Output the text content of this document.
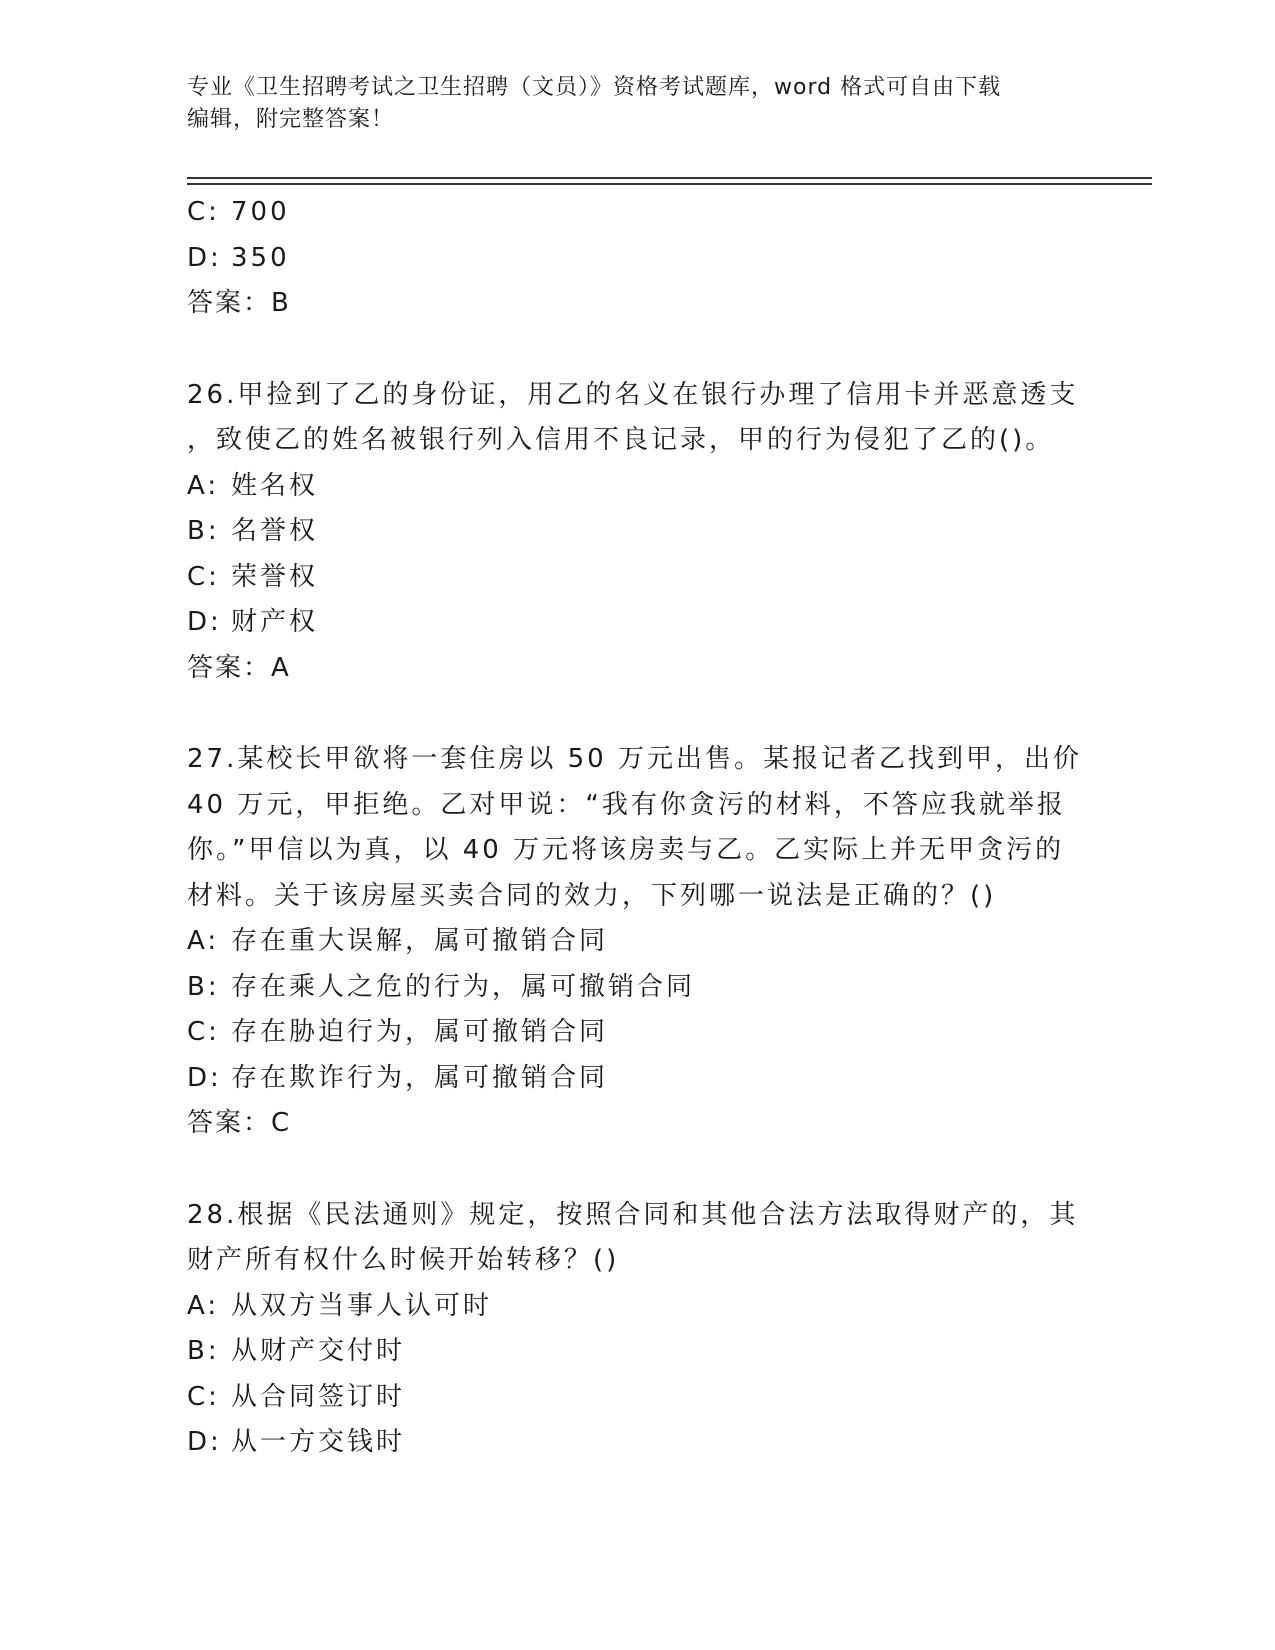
专业《卫生招聘考试之卫生招聘（文员）》资格考试题库，word 格式可自由下载
编辑，附完整答案！
C: 700
D: 350
答案：B
26.甲捡到了乙的身份证，用乙的名义在银行办理了信用卡并恶意透支
，致使乙的姓名被银行列入信用不良记录，甲的行为侵犯了乙的()。
A: 姓名权
B: 名誉权
C: 荣誉权
D: 财产权
答案：A
27.某校长甲欲将一套住房以 50 万元出售。某报记者乙找到甲，出价
40 万元，甲拒绝。乙对甲说：“我有你贪污的材料，不答应我就举报
你。”甲信以为真，以 40 万元将该房卖与乙。乙实际上并无甲贪污的
材料。关于该房屋买卖合同的效力，下列哪一说法是正确的？()
A: 存在重大误解，属可撤销合同
B: 存在乘人之危的行为，属可撤销合同
C: 存在胁迫行为，属可撤销合同
D: 存在欺诈行为，属可撤销合同
答案：C
28.根据《民法通则》规定，按照合同和其他合法方法取得财产的，其
财产所有权什么时候开始转移？()
A: 从双方当事人认可时
B: 从财产交付时
C: 从合同签订时
D: 从一方交钱时
